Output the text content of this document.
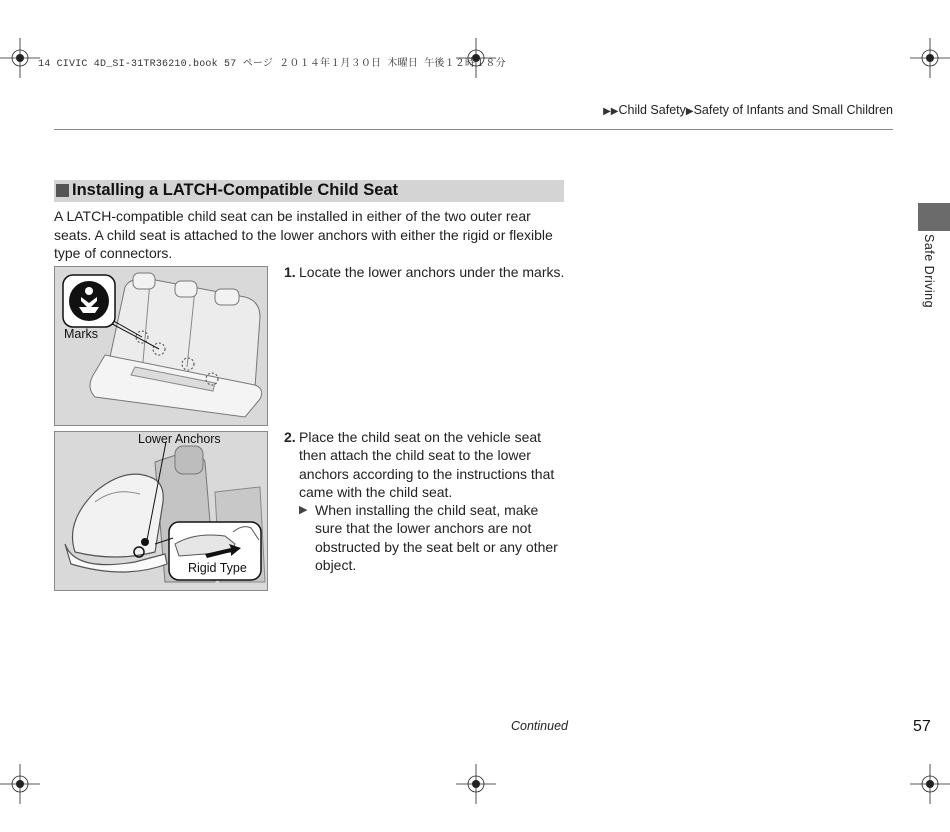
14 CIVIC 4D_SI-31TR36210.book 57 ページ ２０１４年１月３０日 木曜日 午後１２時１８分
▶▶Child Safety▶Safety of Infants and Small Children
Installing a LATCH-Compatible Child Seat
A LATCH-compatible child seat can be installed in either of the two outer rear seats. A child seat is attached to the lower anchors with either the rigid or flexible type of connectors.
Marks
Lower Anchors
Rigid Type
1. Locate the lower anchors under the marks.
2. Place the child seat on the vehicle seat then attach the child seat to the lower anchors according to the instructions that came with the child seat.
▶ When installing the child seat, make sure that the lower anchors are not obstructed by the seat belt or any other object.
Continued	57
Safe Driving
